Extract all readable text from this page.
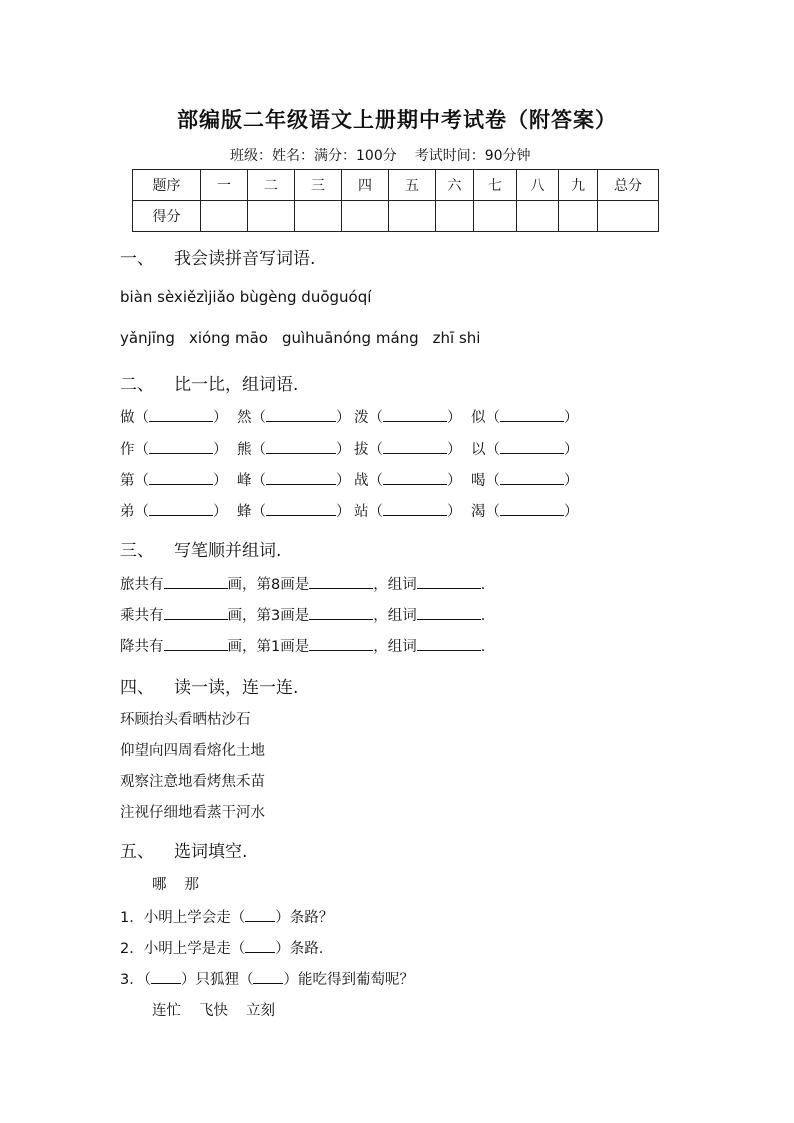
部编版二年级语文上册期中考试卷（附答案）
班级：姓名：满分：100分 考试时间：90分钟
题序	一	二	三	四	五	六	七	八	九	总分
得分										
一、 我会读拼音写词语.
biàn sèxiězìjiǎo bùgèng duōguóqí
yǎnjīng xióng māo guìhuānóng máng zhī shi
二、 比一比，组词语.
做（	） 然（	） 泼（	） 似（	）
作（	） 熊（	） 拔（	） 以（	）
第（	） 峰（	） 战（	） 喝（	）
弟（	） 蜂（	） 站（	） 渴（	）
三、 写笔顺并组词.
旅共有	画，第8画是	，组词	.
乘共有	画，第3画是	，组词	.
降共有	画，第1画是	，组词	.
四、 读一读，连一连.
环顾抬头看晒枯沙石
仰望向四周看熔化土地
观察注意地看烤焦禾苗
注视仔细地看蒸干河水
五、 选词填空.
哪 那
1．小明上学会走（ ）条路？
2．小明上学是走（ ）条路.
3．（ ）只狐狸（ ）能吃得到葡萄呢？
连忙 飞快 立刻
